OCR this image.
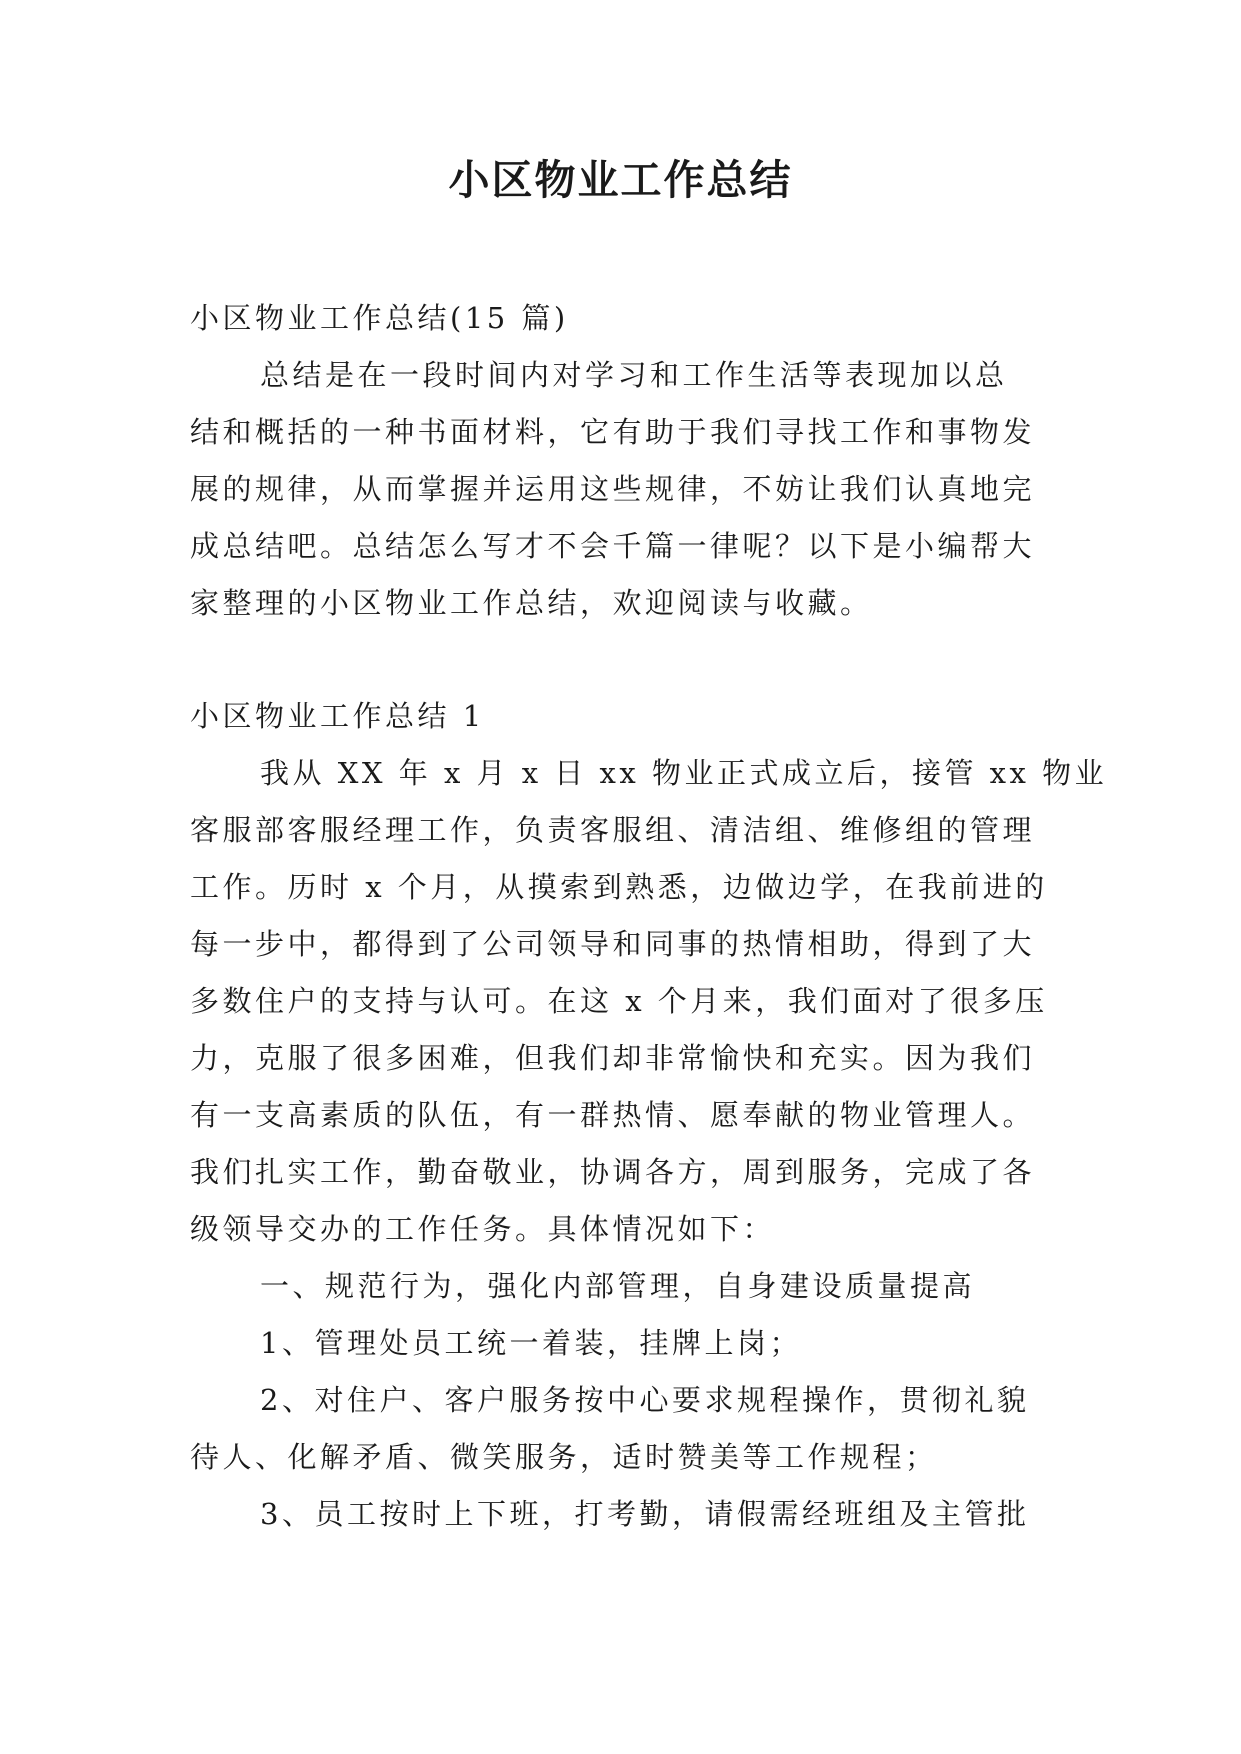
小区物业工作总结
小区物业工作总结(15 篇)
总结是在一段时间内对学习和工作生活等表现加以总
结和概括的一种书面材料，它有助于我们寻找工作和事物发
展的规律，从而掌握并运用这些规律，不妨让我们认真地完
成总结吧。总结怎么写才不会千篇一律呢？以下是小编帮大
家整理的小区物业工作总结，欢迎阅读与收藏。
小区物业工作总结 1
我从 XX 年 x 月 x 日 xx 物业正式成立后，接管 xx 物业
客服部客服经理工作，负责客服组、清洁组、维修组的管理
工作。历时 x 个月，从摸索到熟悉，边做边学，在我前进的
每一步中，都得到了公司领导和同事的热情相助，得到了大
多数住户的支持与认可。在这 x 个月来，我们面对了很多压
力，克服了很多困难，但我们却非常愉快和充实。因为我们
有一支高素质的队伍，有一群热情、愿奉献的物业管理人。
我们扎实工作，勤奋敬业，协调各方，周到服务，完成了各
级领导交办的工作任务。具体情况如下：
一、规范行为，强化内部管理，自身建设质量提高
1、管理处员工统一着装，挂牌上岗；
2、对住户、客户服务按中心要求规程操作，贯彻礼貌
待人、化解矛盾、微笑服务，适时赞美等工作规程；
3、员工按时上下班，打考勤，请假需经班组及主管批
